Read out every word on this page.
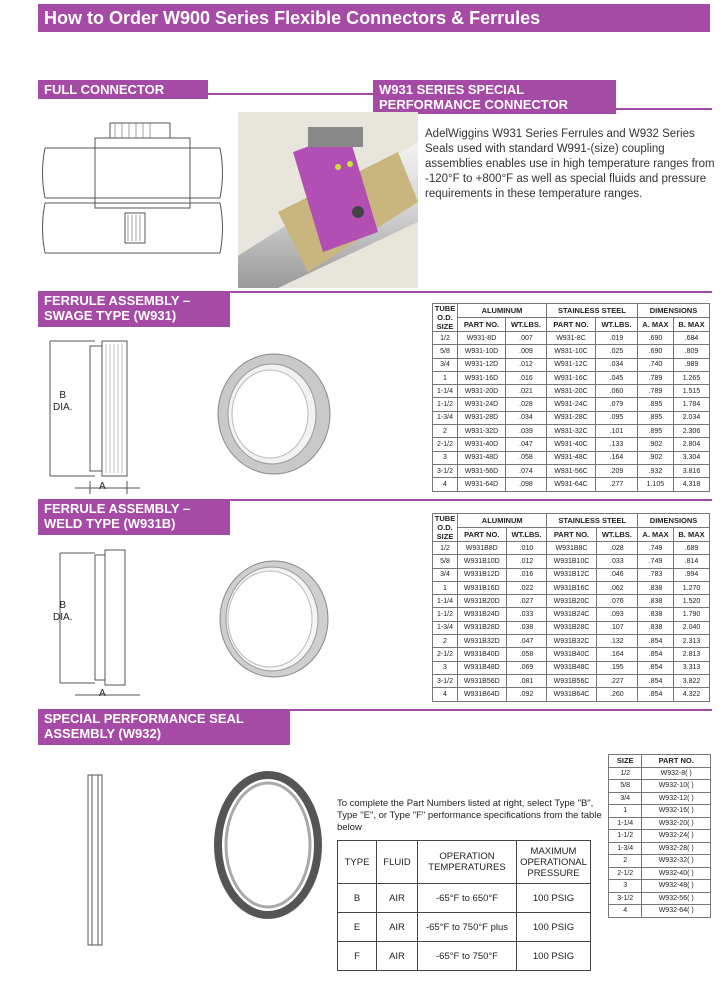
How to Order W900 Series Flexible Connectors & Ferrules
FULL CONNECTOR	W931 SERIES SPECIAL PERFORMANCE CONNECTOR
FERRULE ASSEMBLY – SWAGE TYPE (W931)
FERRULE ASSEMBLY – WELD TYPE (W931B)
SPECIAL PERFORMANCE SEAL ASSEMBLY (W932)
AdelWiggins W931 Series Ferrules and W932 Series Seals used with standard W991-(size) coupling assemblies enables use in high temperature ranges from -120°F to +800°F as well as special fluids and pressure requirements in these temperature ranges.
B
DIA.
A
B
DIA.
A
TUBE O.D. SIZE	ALUMINUM		STAINLESS STEEL		DIMENSIONS	
	PART NO.	WT.LBS.	PART NO.	WT.LBS.	A. MAX	B. MAX
1/2	W931-8D	.007	W931-8C	.019	.690	.684
5/8	W931-10D	.009	W931-10C	.025	.690	.809
3/4	W931-12D	.012	W931-12C	.034	.740	.989
1	W931-16D	.016	W931-16C	.045	.789	1.265
1-1/4	W931-20D	.021	W931-20C	.060	.789	1.515
1-1/2	W931-24D	.028	W931-24C	.079	.895	1.784
1-3/4	W931-28D	.034	W931-28C	.095	.895	2.034
2	W931-32D	.039	W931-32C	.101	.895	2.306
2-1/2	W931-40D	.047	W931-40C	.133	.902	2.804
3	W931-48D	.058	W931-48C	.164	.902	3.304
3-1/2	W931-56D	.074	W931-56C	.209	.932	3.816
4	W931-64D	.098	W931-64C	.277	1.105	4.318
TUBE O.D. SIZE	ALUMINUM		STAINLESS STEEL		DIMENSIONS	
	PART NO.	WT.LBS.	PART NO.	WT.LBS.	A. MAX	B. MAX
1/2	W931B8D	.010	W931B8C	.028	.749	.689
5/8	W931B10D	.012	W931B10C	.033	.749	.814
3/4	W931B12D	.016	W931B12C	.046	.783	.994
1	W931B16D	.022	W931B16C	.062	.838	1.270
1-1/4	W931B20D	.027	W931B20C	.076	.838	1.520
1-1/2	W931B24D	.033	W931B24C	.093	.838	1.790
1-3/4	W931B28D	.038	W931B28C	.107	.838	2.040
2	W931B32D	.047	W931B32C	.132	.854	2.313
2-1/2	W931B40D	.058	W931B40C	.164	.854	2.813
3	W931B48D	.069	W931B48C	.195	.854	3.313
3-1/2	W931B56D	.081	W931B56C	.227	.854	3.822
4	W931B64D	.092	W931B64C	.260	.854	4.322
SIZE	PART NO.
1/2	W932-8( )
5/8	W932-10( )
3/4	W932-12( )
1	W932-16( )
1-1/4	W932-20( )
1-1/2	W932-24( )
1-3/4	W932-28( )
2	W932-32( )
2-1/2	W932-40( )
3	W932-48( )
3-1/2	W932-56( )
4	W932-64( )
To complete the Part Numbers listed at right, select Type "B", Type "E", or Type "F" performance specifications from the table below
TYPE	FLUID	OPERATION TEMPERATURES	MAXIMUM OPERATIONAL PRESSURE
B	AIR	-65°F to 650°F	100 PSIG
E	AIR	-65°F to 750°F plus	100 PSIG
F	AIR	-65°F to 750°F	100 PSIG
